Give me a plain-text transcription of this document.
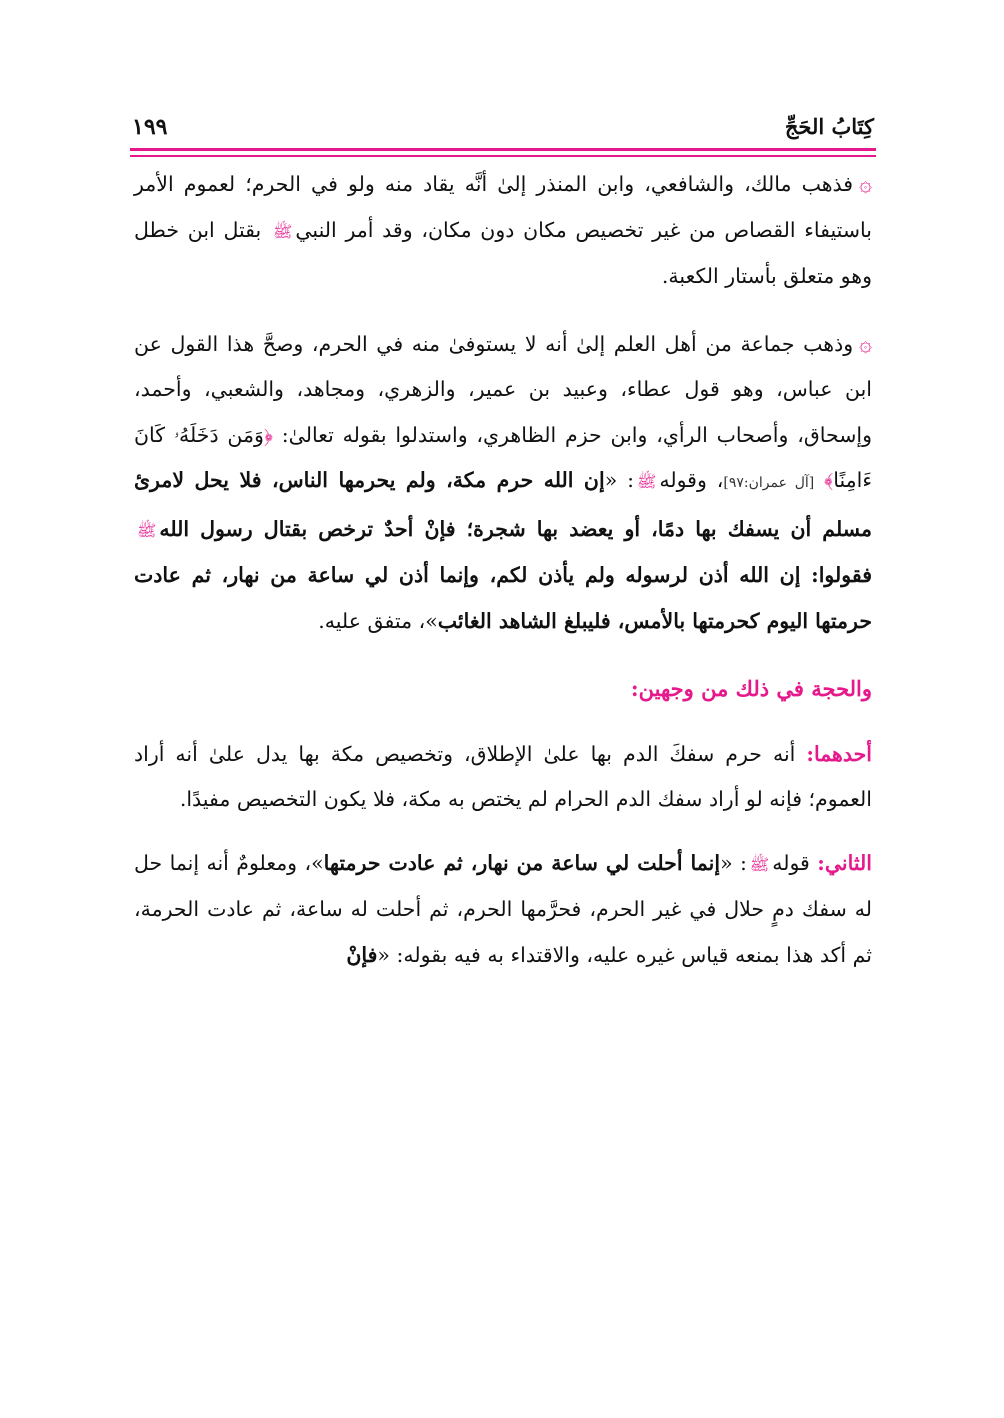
كِتَابُ الحَجِّ
١٩٩

۞فذهب مالك، والشافعي، وابن المنذر إلىٰ أنَّه يقاد منه ولو في الحرم؛ لعموم الأمر باستيفاء القصاص من غير تخصيص مكان دون مكان، وقد أمر النبيﷺ بقتل ابن خطل وهو متعلق بأستار الكعبة.

۞وذهب جماعة من أهل العلم إلىٰ أنه لا يستوفىٰ منه في الحرم، وصحَّ هذا القول عن ابن عباس، وهو قول عطاء، وعبيد بن عمير، والزهري، ومجاهد، والشعبي، وأحمد، وإسحاق، وأصحاب الرأي، وابن حزم الظاهري، واستدلوا بقوله تعالىٰ: ﴿وَمَن دَخَلَهُۥ كَانَ ءَامِنًا﴾ [آل عمران:٩٧]، وقولهﷺ: «إن الله حرم مكة، ولم يحرمها الناس، فلا يحل لامرئ مسلم أن يسفك بها دمًا، أو يعضد بها شجرة؛ فإنْ أحدٌ ترخص بقتال رسول اللهﷺ فقولوا: إن الله أذن لرسوله ولم يأذن لكم، وإنما أذن لي ساعة من نهار، ثم عادت حرمتها اليوم كحرمتها بالأمس، فليبلغ الشاهد الغائب»، متفق عليه.

والحجة في ذلك من وجهين:

أحدهما: أنه حرم سفكَ الدم بها علىٰ الإطلاق، وتخصيص مكة بها يدل علىٰ أنه أراد العموم؛ فإنه لو أراد سفك الدم الحرام لم يختص به مكة، فلا يكون التخصيص مفيدًا.

الثاني: قولهﷺ: «إنما أحلت لي ساعة من نهار، ثم عادت حرمتها»، ومعلومٌ أنه إنما حل له سفك دمٍ حلال في غير الحرم، فحرَّمها الحرم، ثم أحلت له ساعة، ثم عادت الحرمة، ثم أكد هذا بمنعه قياس غيره عليه، والاقتداء به فيه بقوله: «فإنْ
